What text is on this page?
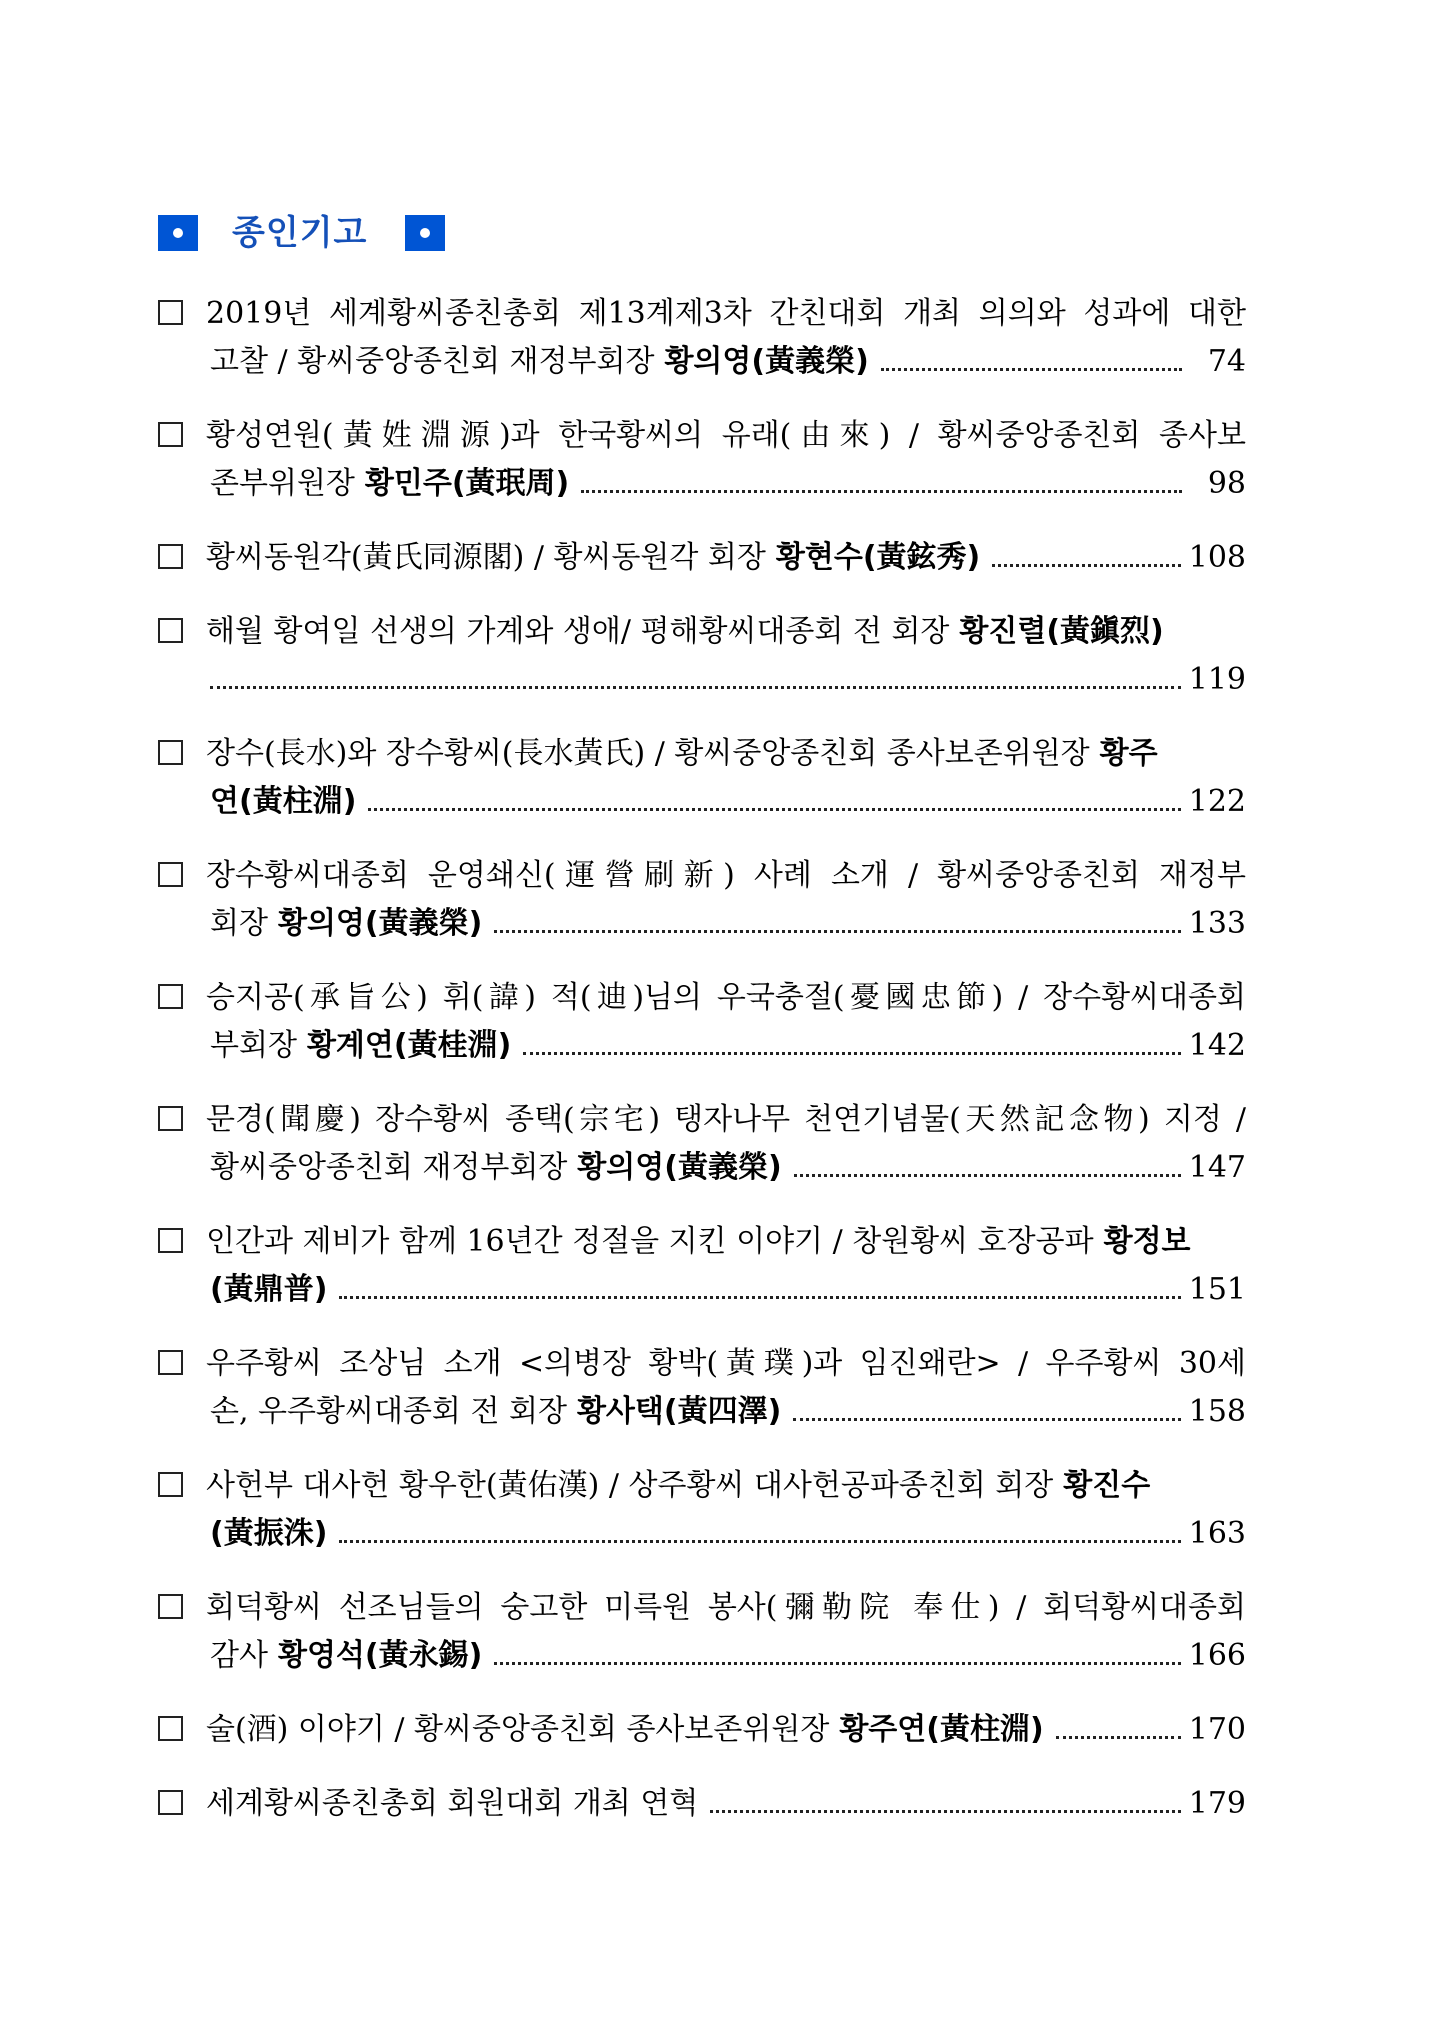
종인기고
2019년 세계황씨종친총회 제13계제3차 간친대회 개최 의의와 성과에 대한
고찰 / 황씨중앙종친회 재정부회장 황의영(黃義榮)	74
황성연원(黃姓淵源)과 한국황씨의 유래(由來) / 황씨중앙종친회 종사보
존부위원장 황민주(黃珉周)	98
황씨동원각(黃氏同源閣) / 황씨동원각 회장 황현수(黃鉉秀)	108
해월 황여일 선생의 가계와 생애/ 평해황씨대종회 전 회장 황진렬(黃鎭烈)
119
장수(長水)와 장수황씨(長水黃氏) / 황씨중앙종친회 종사보존위원장 황주
연(黃柱淵)	122
장수황씨대종회 운영쇄신(運營刷新) 사례 소개 / 황씨중앙종친회 재정부
회장 황의영(黃義榮)	133
승지공(承旨公) 휘(諱) 적(迪)님의 우국충절(憂國忠節) / 장수황씨대종회
부회장 황계연(黃桂淵)	142
문경(聞慶) 장수황씨 종택(宗宅) 탱자나무 천연기념물(天然記念物) 지정 /
황씨중앙종친회 재정부회장 황의영(黃義榮)	147
인간과 제비가 함께 16년간 정절을 지킨 이야기 / 창원황씨 호장공파 황정보
(黃鼎普)	151
우주황씨 조상님 소개 <의병장 황박(黃璞)과 임진왜란> / 우주황씨 30세
손, 우주황씨대종회 전 회장 황사택(黃四澤)	158
사헌부 대사헌 황우한(黃佑漢) / 상주황씨 대사헌공파종친회 회장 황진수
(黃振洙)	163
회덕황씨 선조님들의 숭고한 미륵원 봉사(彌勒院 奉仕) / 회덕황씨대종회
감사 황영석(黃永錫)	166
술(酒) 이야기 / 황씨중앙종친회 종사보존위원장 황주연(黃柱淵)	170
세계황씨종친총회 회원대회 개최 연혁	179
